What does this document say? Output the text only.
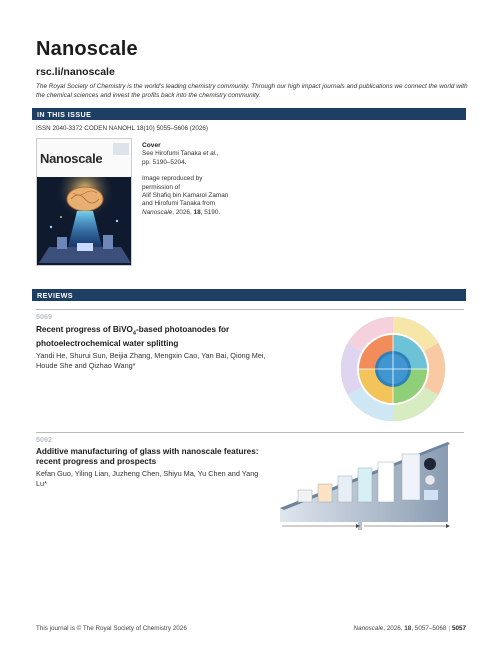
Nanoscale
rsc.li/nanoscale
The Royal Society of Chemistry is the world's leading chemistry community. Through our high impact journals and publications we connect the world with the chemical sciences and invest the profits back into the chemistry community.
IN THIS ISSUE
ISSN 2040-3372 CODEN NANOHL 18(10) 5055–5606 (2026)
Nanoscale

Cover

See Hirofumi Tanaka et al.,

pp. 5190–5204.

Image reproduced by

permission of

Alif Shafiq bin Kamarol Zaman

and Hirofumi Tanaka from

Nanoscale, 2026, 18, 5190.

REVIEWS
5069
Recent progress of BiVO$_4$-based photoanodes for photoelectrochemical water splitting
Yandi He, Shurui Sun, Beijia Zhang, Mengxin Cao, Yan Bai, Qiong Mei, Houde She and Qizhao Wang*
5092
Additive manufacturing of glass with nanoscale features: recent progress and prospects
Kefan Guo, Yiling Lian, Juzheng Chen, Shiyu Ma, Yu Chen and Yang Lu*
This journal is © The Royal Society of Chemistry 2026	Nanoscale, 2026, 18, 5057–5068 | 5057
